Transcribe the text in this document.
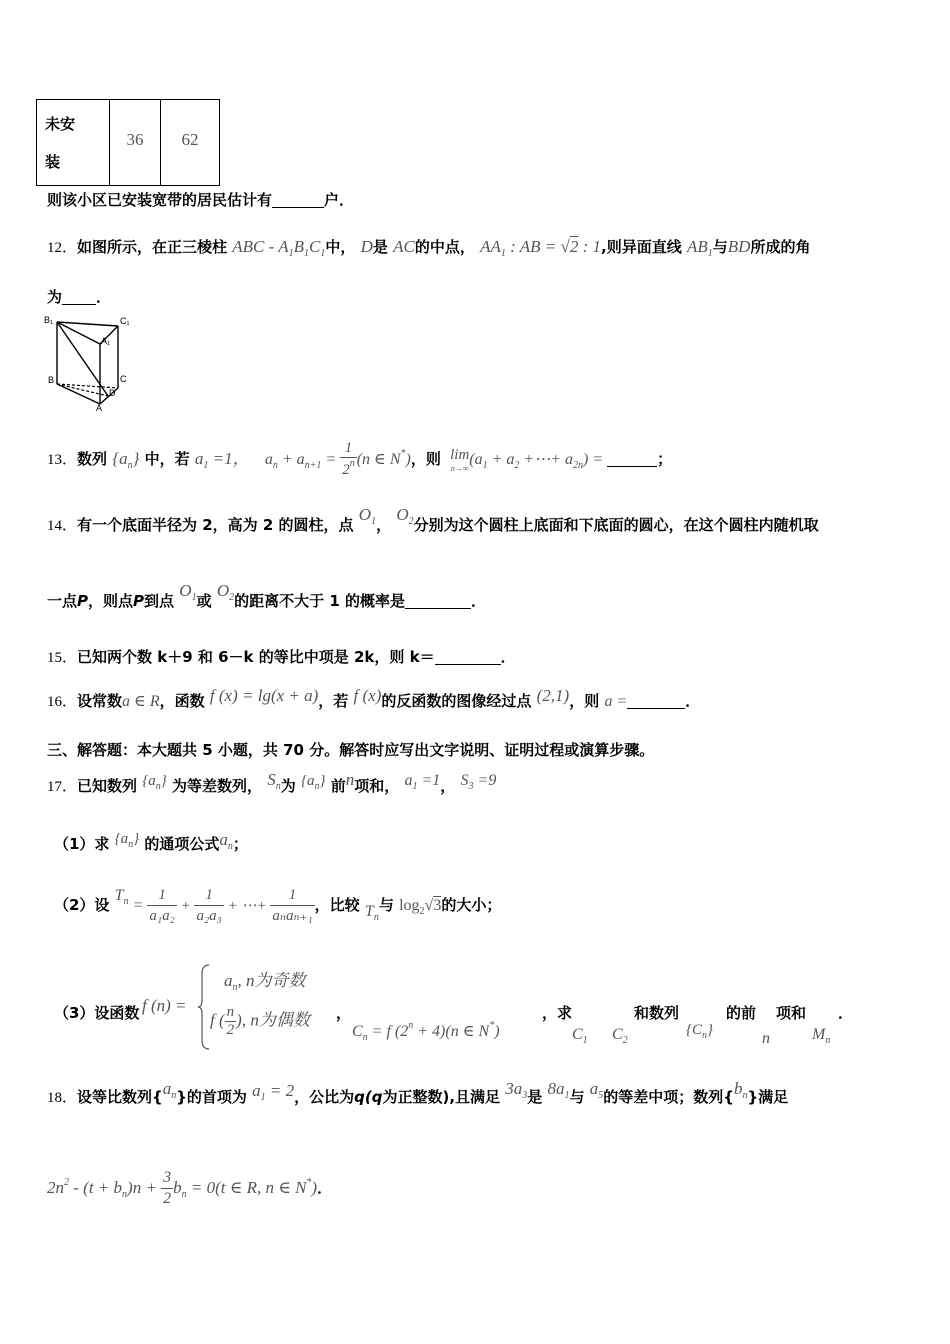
未安
装	36	62
则该小区已安装宽带的居民估计有	户．
12．如图所示，在正三棱柱 ABC - $A_1B_1C_1$中， D是 AC的中点， $AA_1$ : AB = √2 : 1,则异面直线 $AB_1$与BD所成的角
为 ．
B₁	C₁
A₁
B	C
A
D
13．数列 $\{a_n\}$ 中，若 $a_1 =1$， $a_n + a_{n+1} = \frac{1}{2^n} (n$ ∈ N*)，则 lim
n→∞ ($a_1 + a_2$ +⋯+ $a_{2n}$) =	；
14．有一个底面半径为 2，高为 2 的圆柱，点 $O_1$， $O_2$分别为这个圆柱上底面和下底面的圆心，在这个圆柱内随机取
一点P，则点P到点 $O_1$或 $O_2$的距离不大于 1 的概率是	．
15．已知两个数 k＋9 和 6－k 的等比中项是 2k，则 k＝	．
16．设常数a ∈ R，函数 f (x) = lg(x + a)，若 f (x)的反函数的图像经过点 (2,1)，则 a =	．
三、解答题：本大题共 5 小题，共 70 分。解答时应写出文字说明、证明过程或演算步骤。
17．已知数列 $\{a_n\}$ 为等差数列， $S_n$为 $\{a_n\}$ 前n项和， $a_1 =1$， $S_3 =9$
（1）求 $\{a_n\}$ 的通项公式$a_n$；
（2）设 $T_n = \frac{1}{\text{a₁a₂}} + \frac{1}{\text{a₂a₃}}$ + ⋯+ $\frac{1}{\text{aₙaₙ₊₁}}$ ，比较 $T_n$与 $\log_2√3$的大小；
（3）设函数 f (n) =
$a_n$, n为奇数
f ( $\frac{n}{2}$ ), n为偶数 ，
$C_n = f$ $(2^n + 4)(n$ ∈ N*)
，求
$C_1$ $C_2$
和数列
$\{C_n\}$
的前
n
项和
$M_n$
．
18．设等比数列$\{a_n\}$的首项为 $a_1 = 2$，公比为q(q为正整数),且满足 $3a_3$是 $8a_1$与 $a_5$的等差中项；数列$\{b_n\}$满足
$2n^2 - (t + b_n)n + \frac{3}{2} b_n = 0(t$ ∈ R, n ∈ N*)．
